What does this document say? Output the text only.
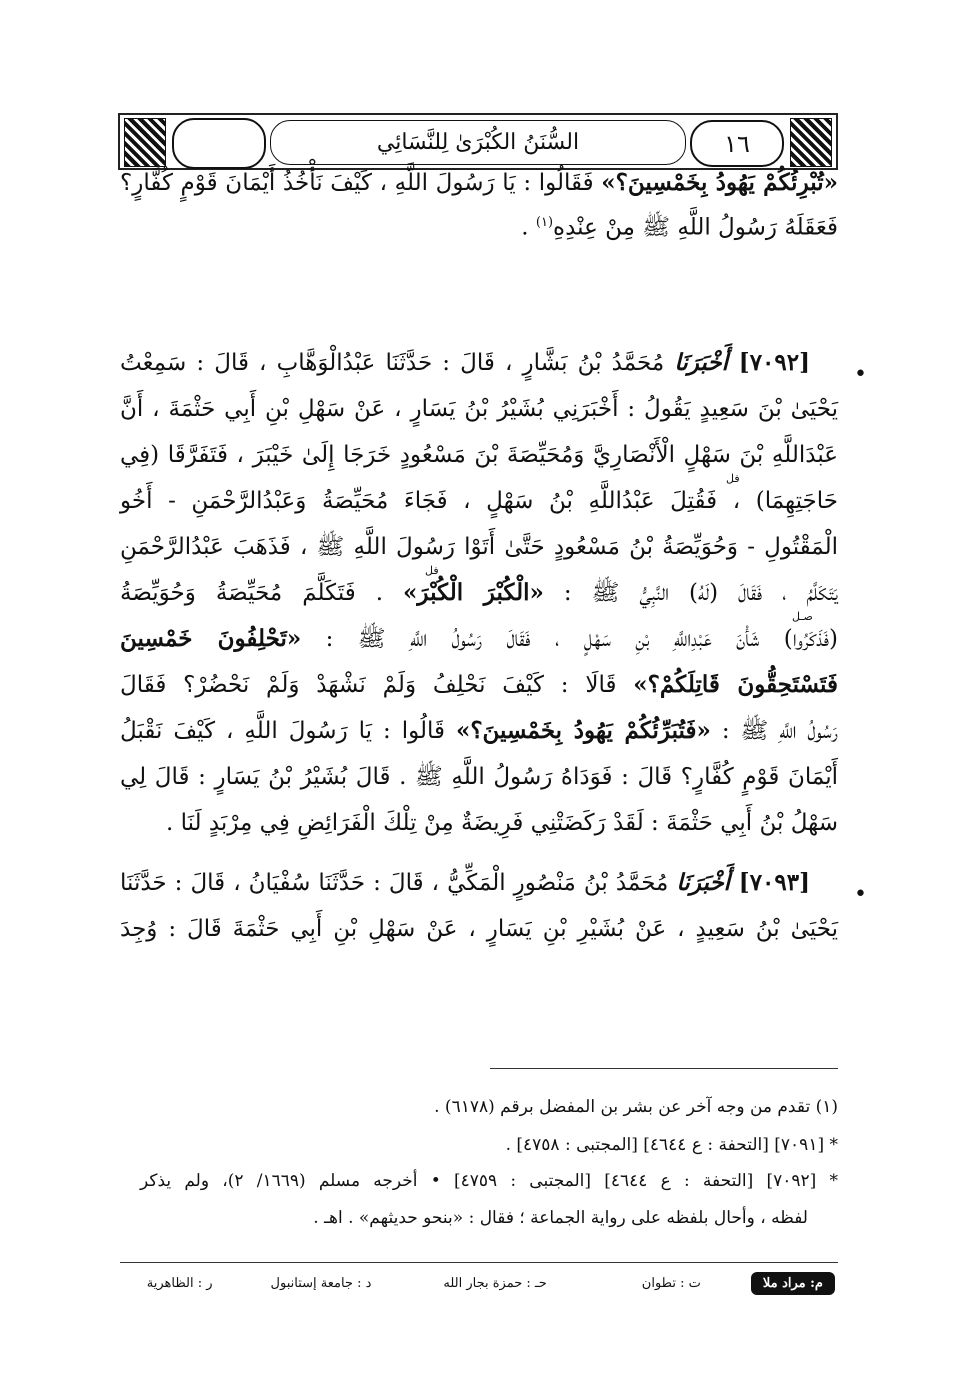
١٦
السُّنَنُ الكُبْرَىٰ لِلنَّسَائِي
«تُبْرِئُكُمْ يَهُودُ بِخَمْسِينَ؟» فَقَالُوا : يَا رَسُولَ اللَّهِ ، كَيْفَ نَأْخُذُ أَيْمَانَ قَوْمٍ كُفَّارٍ؟
فَعَقَلَهُ رَسُولُ اللَّهِ ﷺ مِنْ عِنْدِهِ$^{(١)}$ .
[٧٠٩٢] أَخْبَرَنَا مُحَمَّدُ بْنُ بَشَّارٍ ، قَالَ : حَدَّثَنَا عَبْدُالْوَهَّابِ ، قَالَ : سَمِعْتُ
يَحْيَىٰ بْنَ سَعِيدٍ يَقُولُ : أَخْبَرَنِي بُشَيْرُ بْنُ يَسَارٍ ، عَنْ سَهْلِ بْنِ أَبِي حَثْمَةَ ، أَنَّ
عَبْدَاللَّهِ بْنَ سَهْلٍ الْأَنْصَارِيَّ وَمُحَيِّصَةَ بْنَ مَسْعُودٍ خَرَجَا إِلَىٰ خَيْبَرَ ، فَتَفَرَّقَا (فِي
حَاجَتِهِمَا) ، فَقُتِلَ عَبْدُاللَّهِ بْنُ سَهْلٍ ، فَجَاءَ مُحَيِّصَةُ وَعَبْدُالرَّحْمَنِ - أَخُو
الْمَقْتُولِ - وَحُوَيِّصَةُ بْنُ مَسْعُودٍ حَتَّىٰ أَتَوْا رَسُولَ اللَّهِ ﷺ ، فَذَهَبَ عَبْدُالرَّحْمَنِ
يَتَكَلَّمُ ، فَقَالَ (لَهُ) النَّبِيُّ ﷺ : «الْكُبْرَ الْكُبْرَ» . فَتَكَلَّمَ مُحَيِّصَةُ وَحُوَيِّصَةُ
(فَذَكَرُوا) شَأْنَ عَبْدِاللَّهِ بْنِ سَهْلٍ ، فَقَالَ رَسُولُ اللَّهِ ﷺ : «تَحْلِفُونَ خَمْسِينَ
فَتَسْتَحِقُّونَ قَاتِلَكُمْ؟» قَالَا : كَيْفَ نَحْلِفُ وَلَمْ نَشْهَدْ وَلَمْ نَحْضُرْ؟ فَقَالَ
رَسُولُ اللَّهِ ﷺ : «فَتُبَرِّئُكُمْ يَهُودُ بِخَمْسِينَ؟» قَالُوا : يَا رَسُولَ اللَّهِ ، كَيْفَ نَقْبَلُ
أَيْمَانَ قَوْمٍ كُفَّارٍ؟ قَالَ : فَوَدَاهُ رَسُولُ اللَّهِ ﷺ . قَالَ بُشَيْرُ بْنُ يَسَارٍ : قَالَ لِي
سَهْلُ بْنُ أَبِي حَثْمَةَ : لَقَدْ رَكَضَتْنِي فَرِيضَةٌ مِنْ تِلْكَ الْفَرَائِضِ فِي مِرْبَدٍ لَنَا .
[٧٠٩٣] أَخْبَرَنَا مُحَمَّدُ بْنُ مَنْصُورٍ الْمَكِّيُّ ، قَالَ : حَدَّثَنَا سُفْيَانُ ، قَالَ : حَدَّثَنَا
يَحْيَىٰ بْنُ سَعِيدٍ ، عَنْ بُشَيْرِ بْنِ يَسَارٍ ، عَنْ سَهْلِ بْنِ أَبِي حَثْمَةَ قَالَ : وُجِدَ
•
•
فل
فل
صـل
(١) تقدم من وجه آخر عن بشر بن المفضل برقم (٦١٧٨) .
* [٧٠٩١] [التحفة : ع ٤٦٤٤] [المجتبى : ٤٧٥٨] .
* [٧٠٩٢] [التحفة : ع ٤٦٤٤] [المجتبى : ٤٧٥٩] • أخرجه مسلم (١٦٦٩/ ٢)، ولم يذكر
لفظه ، وأحال بلفظه على رواية الجماعة ؛ فقال : «بنحو حديثهم» . اهـ .
م: مراد ملا
ت : تطوان
حـ : حمزة بجار الله
د : جامعة إستانبول
ر : الظاهرية
